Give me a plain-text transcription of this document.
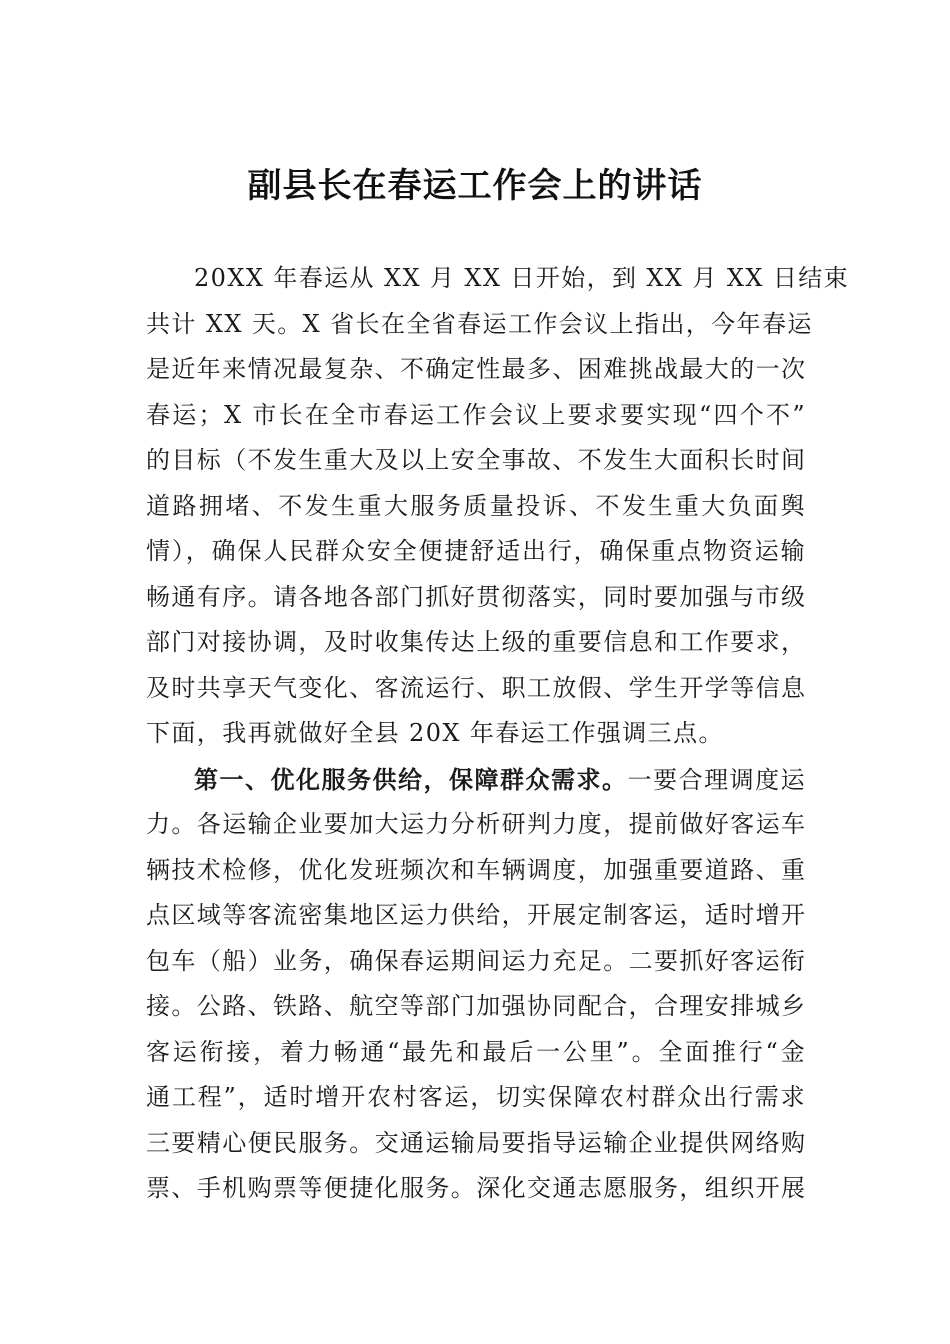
副县长在春运工作会上的讲话
20XX 年春运从 XX 月 XX 日开始，到 XX 月 XX 日结束
共计 XX 天。X 省长在全省春运工作会议上指出，今年春运
是近年来情况最复杂、不确定性最多、困难挑战最大的一次
春运；X 市长在全市春运工作会议上要求要实现“四个不”
的目标（不发生重大及以上安全事故、不发生大面积长时间
道路拥堵、不发生重大服务质量投诉、不发生重大负面舆
情），确保人民群众安全便捷舒适出行，确保重点物资运输
畅通有序。请各地各部门抓好贯彻落实，同时要加强与市级
部门对接协调，及时收集传达上级的重要信息和工作要求，
及时共享天气变化、客流运行、职工放假、学生开学等信息
下面，我再就做好全县 20X 年春运工作强调三点。
第一、优化服务供给，保障群众需求。一要合理调度运
力。各运输企业要加大运力分析研判力度，提前做好客运车
辆技术检修，优化发班频次和车辆调度，加强重要道路、重
点区域等客流密集地区运力供给，开展定制客运，适时增开
包车（船）业务，确保春运期间运力充足。二要抓好客运衔
接。公路、铁路、航空等部门加强协同配合，合理安排城乡
客运衔接，着力畅通“最先和最后一公里”。全面推行“金
通工程”，适时增开农村客运，切实保障农村群众出行需求
三要精心便民服务。交通运输局要指导运输企业提供网络购
票、手机购票等便捷化服务。深化交通志愿服务，组织开展
